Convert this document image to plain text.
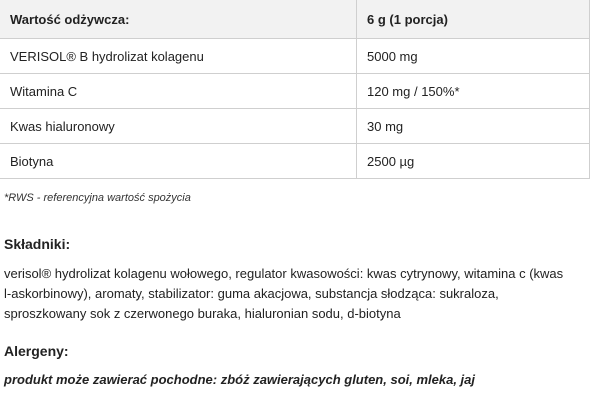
Wartość odżywcza:	6 g (1 porcja)
VERISOL® B hydrolizat kolagenu	5000 mg
Witamina C	120 mg / 150%*
Kwas hialuronowy	30 mg
Biotyna	2500 µg
*RWS - referencyjna wartość spożycia
Składniki:
verisol® hydrolizat kolagenu wołowego, regulator kwasowości: kwas cytrynowy, witamina c (kwas l-askorbinowy), aromaty, stabilizator: guma akacjowa, substancja słodząca: sukraloza, sproszkowany sok z czerwonego buraka, hialuronian sodu, d-biotyna
Alergeny:
produkt może zawierać pochodne: zbóż zawierających gluten, soi, mleka, jaj
